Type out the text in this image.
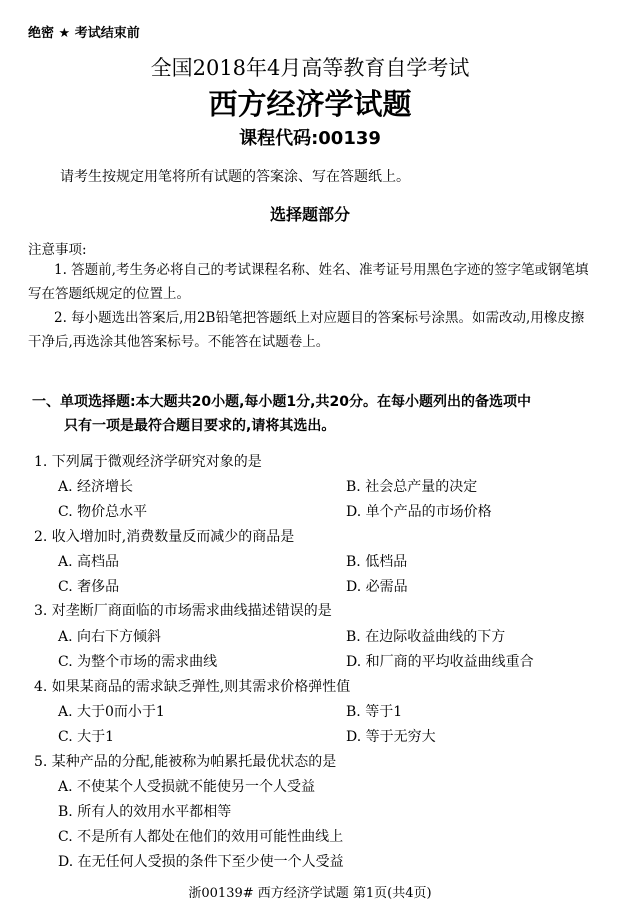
绝密 ★ 考试结束前
全国2018年4月高等教育自学考试
西方经济学试题
课程代码:00139
请考生按规定用笔将所有试题的答案涂、写在答题纸上。
选择题部分
注意事项:
1. 答题前,考生务必将自己的考试课程名称、姓名、准考证号用黑色字迹的签字笔或钢笔填写在答题纸规定的位置上。
2. 每小题选出答案后,用2B铅笔把答题纸上对应题目的答案标号涂黑。如需改动,用橡皮擦干净后,再选涂其他答案标号。不能答在试题卷上。
一、单项选择题:本大题共20小题,每小题1分,共20分。在每小题列出的备选项中
只有一项是最符合题目要求的,请将其选出。
1. 下列属于微观经济学研究对象的是
A. 经济增长	B. 社会总产量的决定
C. 物价总水平	D. 单个产品的市场价格
2. 收入增加时,消费数量反而减少的商品是
A. 高档品	B. 低档品
C. 奢侈品	D. 必需品
3. 对垄断厂商面临的市场需求曲线描述错误的是
A. 向右下方倾斜	B. 在边际收益曲线的下方
C. 为整个市场的需求曲线	D. 和厂商的平均收益曲线重合
4. 如果某商品的需求缺乏弹性,则其需求价格弹性值
A. 大于0而小于1	B. 等于1
C. 大于1	D. 等于无穷大
5. 某种产品的分配,能被称为帕累托最优状态的是
A. 不使某个人受损就不能使另一个人受益
B. 所有人的效用水平都相等
C. 不是所有人都处在他们的效用可能性曲线上
D. 在无任何人受损的条件下至少使一个人受益
浙00139# 西方经济学试题 第1页(共4页)
